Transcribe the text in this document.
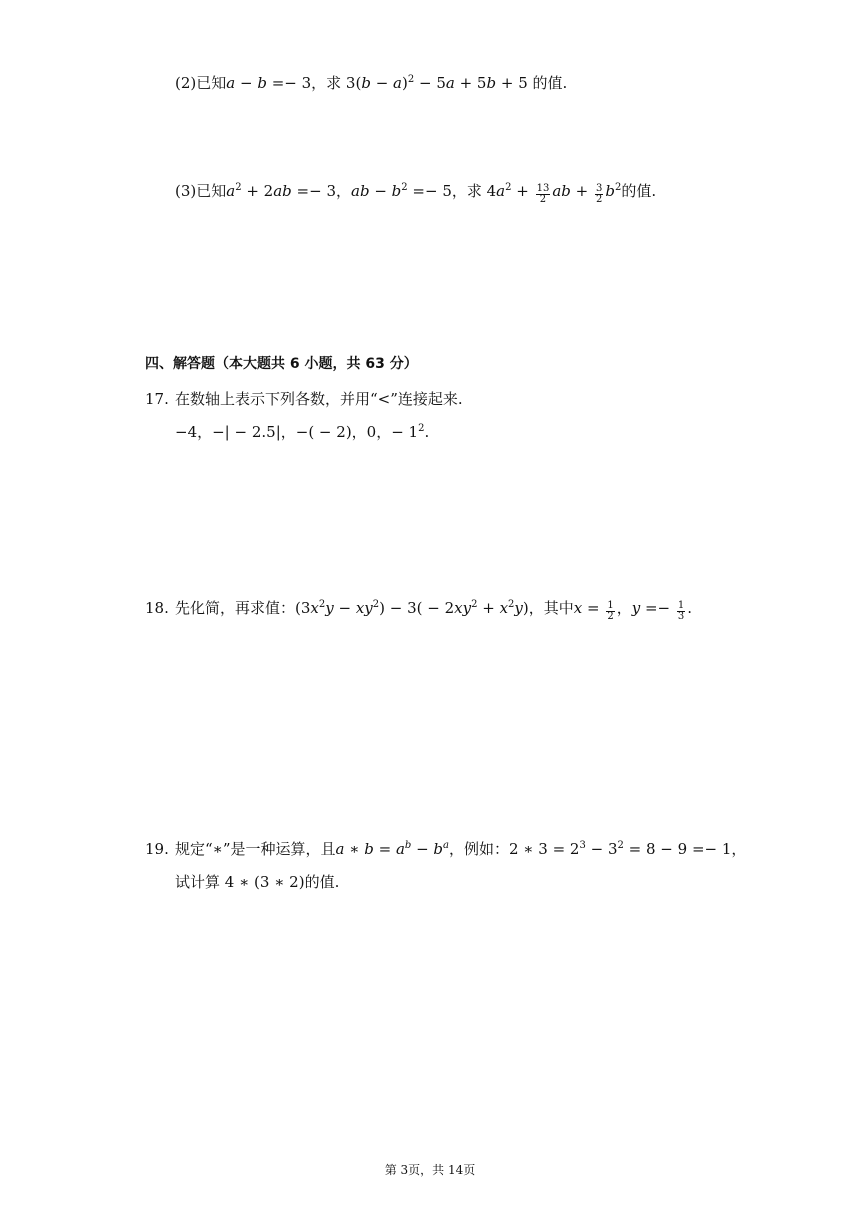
(2)已知a − b =− 3，求 $3(b - a)^2 - 5a + 5b + 5$ 的值.
(3)已知$a^2 + 2ab =- 3$，ab − $b^2 =- 5$，求 $4a^2 + \frac{13}{2}$ ab + $\frac{3}{2} b^2$的值.
四、解答题（本大题共 6 小题，共 63 分）
17. 在数轴上表示下列各数，并用“<”连接起来.
−4，−| − 2.5|，−( − 2)，0，− $1^2$.
18. 先化简，再求值：$(3x^2y - xy^2) - 3( - 2xy^2 + x^2y)$，其中$x = \frac{1}{2}$ ，$y =- \frac{1}{3}$ .
19. 规定“∗”是一种运算，且a ∗ $b = a^b - b^a$，例如：2 ∗ $3 = 2^3 - 3^2 = 8 - 9 =- 1$，
试计算 4 ∗ (3 ∗ 2)的值.
第 3页，共 14页
